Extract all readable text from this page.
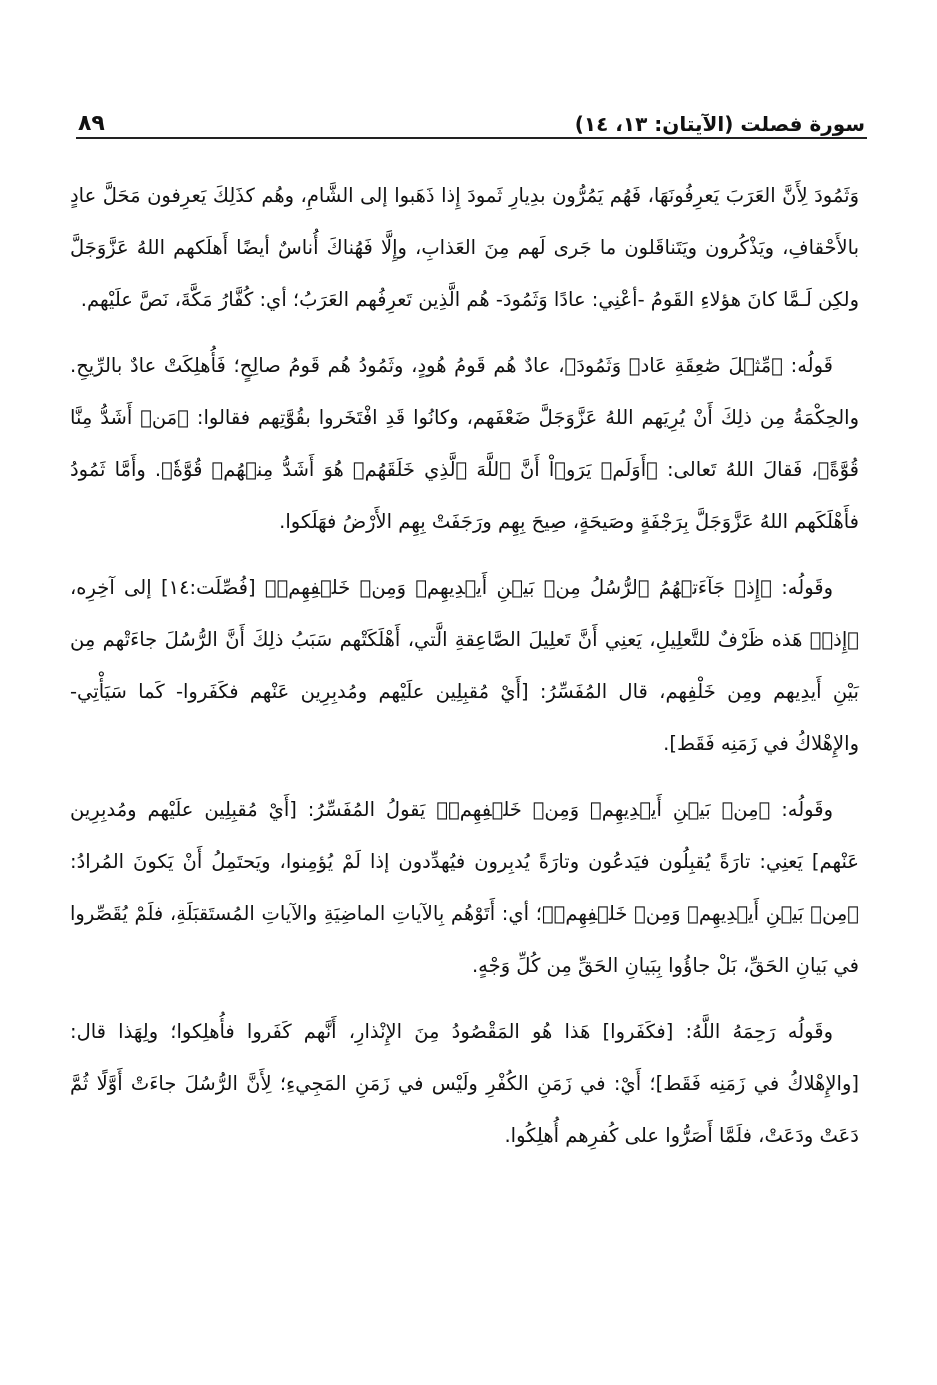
سورة فصلت (الآيتان: ١٣، ١٤)
٨٩

وَثَمُودَ لِأَنَّ العَرَبَ يَعرِفُونَهَا، فَهُم يَمُرُّون بدِيارِ ثَمودَ إِذا ذَهَبوا إلى الشَّامِ، وهُم كذَلِكَ يَعرِفون مَحَلَّ عادٍ بالأَحْقافِ، ويَذْكُرون ويَتَناقَلون ما جَرى لَهم مِنَ العَذابِ، وإِلَّا فَهُناكَ أُناسٌ أيضًا أَهلَكهم اللهُ عَزَّوَجَلَّ ولكِن لَـمَّا كانَ هؤلاءِ القَومُ -أعْنِي: عادًا وَثَمُودَ- هُم الَّذِين تَعرِفُهم العَرَبُ؛ أي: كُفَّارُ مَكَّةَ، نَصَّ علَيْهم.

قَولُه: ﴿مِّثۡلَ صَٰعِقَةِ عَادٖ وَثَمُودَ﴾، عادٌ هُم قَومُ هُودٍ، وثَمُودُ هُم قَومُ صالِحٍ؛ فَأُهلِكَتْ عادٌ بالرِّيحِ. والحِكْمَةُ مِن ذلِكَ أَنْ يُرِيَهم اللهُ عَزَّوَجَلَّ ضَعْفَهم، وكانُوا قَدِ افْتَخَروا بقُوَّتِهم فقالوا: ﴿مَنۡ أَشَدُّ مِنَّا قُوَّةً﴾، فَقالَ اللهُ تَعالى: ﴿أَوَلَمۡ يَرَوۡاْ أَنَّ ٱللَّهَ ٱلَّذِي خَلَقَهُمۡ هُوَ أَشَدُّ مِنۡهُمۡ قُوَّةٗ﴾. وأَمَّا ثَمُودُ فأَهْلَكَهم اللهُ عَزَّوَجَلَّ بِرَجْفَةٍ وصَيحَةٍ، صِيحَ بِهِم ورَجَفَتْ بِهِم الأَرْضُ فهَلَكوا.

وقَولُه: ﴿إِذۡ جَآءَتۡهُمُ ٱلرُّسُلُ مِنۢ بَيۡنِ أَيۡدِيهِمۡ وَمِنۡ خَلۡفِهِمۡ﴾ [فُصِّلَت:١٤] إلى آخِرِه، ﴿إِذۡ﴾ هَذه ظَرْفٌ للتَّعلِيلِ، يَعنِي أَنَّ تَعلِيلَ الصَّاعِقةِ الَّتي، أَهْلَكَتْهم سَبَبُ ذلِكَ أَنَّ الرُّسُلَ جاءَتْهم مِن بَيْنِ أَيدِيهم ومِن خَلْفِهم، قال المُفَسِّرُ: [أَيْ مُقبِلِين علَيْهم ومُدبِرِين عَنْهم فكَفَروا- كَما سَيَأْتِي- والإِهْلاكُ في زَمَنِه فَقَط].

وقَولُه: ﴿مِنۢ بَيۡنِ أَيۡدِيهِمۡ وَمِنۡ خَلۡفِهِمۡ﴾ يَقولُ المُفَسِّرُ: [أَيْ مُقبِلِين علَيْهم ومُدبِرِين عَنْهم] يَعنِي: تارَةً يُقبِلُون فيَدعُون وتارَةً يُدبِرون فيُهدِّدون إذا لَمْ يُؤمِنوا، ويَحتَمِلُ أَنْ يَكونَ المُرادُ: ﴿مِنۢ بَيۡنِ أَيۡدِيهِمۡ وَمِنۡ خَلۡفِهِمۡ﴾؛ أي: أَتَوْهُم بِالآياتِ الماضِيَةِ والآياتِ المُستَقبَلَةِ، فلَمْ يُقَصِّروا في بَيانِ الحَقِّ، بَلْ جاؤُوا بِبَيانِ الحَقِّ مِن كُلِّ وَجْهٍ.

وقَولُه رَحِمَهُ اللَّهُ: [فكَفَروا] هَذا هُو المَقْصُودُ مِنَ الإِنْذارِ، أَنَّهم كَفَروا فأُهلِكوا؛ ولِهَذا قال: [والإِهْلاكُ في زَمَنِه فَقَط]؛ أَيْ: في زَمَنِ الكُفْرِ ولَيْس في زَمَنِ المَجِيءِ؛ لِأَنَّ الرُّسُلَ جاءَتْ أَوَّلًا ثُمَّ دَعَتْ ودَعَتْ، فلَمَّا أَصَرُّوا على كُفرِهم أُهلِكُوا.
